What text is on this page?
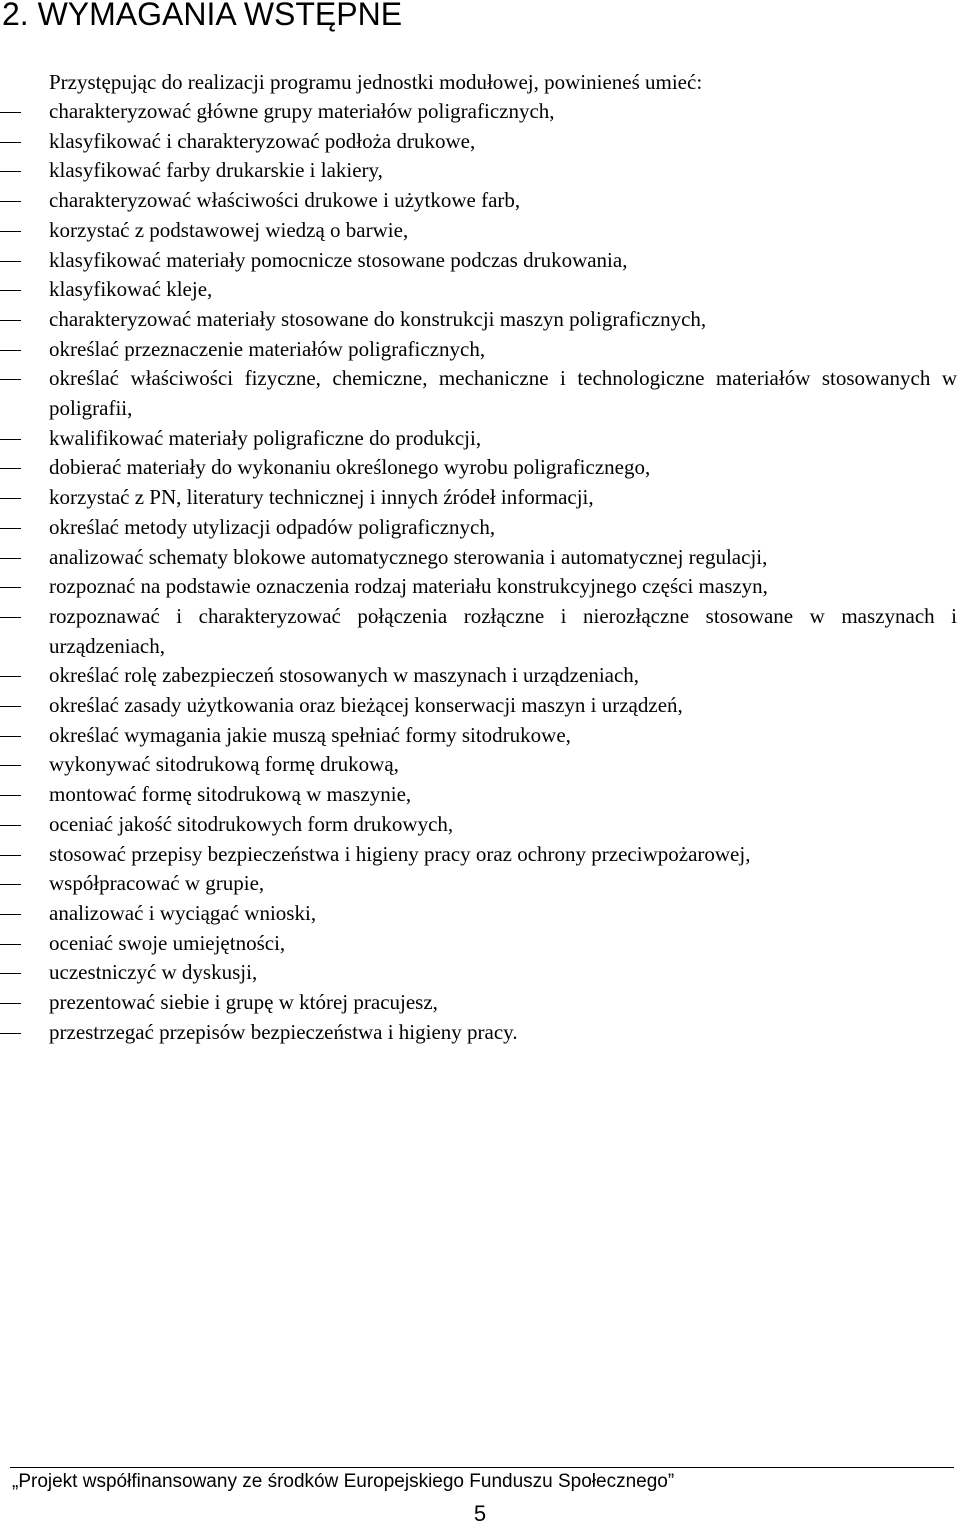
2. WYMAGANIA WSTĘPNE

Przystępując do realizacji programu jednostki modułowej, powinieneś umieć:

charakteryzować główne grupy materiałów poligraficznych,
klasyfikować i charakteryzować podłoża drukowe,
klasyfikować farby drukarskie i lakiery,
charakteryzować właściwości drukowe i użytkowe farb,
korzystać z podstawowej wiedzą o barwie,
klasyfikować materiały pomocnicze stosowane podczas drukowania,
klasyfikować kleje,
charakteryzować materiały stosowane do konstrukcji maszyn poligraficznych,
określać przeznaczenie materiałów poligraficznych,
określać właściwości fizyczne, chemiczne, mechaniczne i technologiczne materiałów stosowanych w poligrafii,
kwalifikować materiały poligraficzne do produkcji,
dobierać materiały do wykonaniu określonego wyrobu poligraficznego,
korzystać z PN, literatury technicznej i innych źródeł informacji,
określać metody utylizacji odpadów poligraficznych,
analizować schematy blokowe automatycznego sterowania i automatycznej regulacji,
rozpoznać na podstawie oznaczenia rodzaj materiału konstrukcyjnego części maszyn,
rozpoznawać i charakteryzować połączenia rozłączne i nierozłączne stosowane w maszynach i urządzeniach,
określać rolę zabezpieczeń stosowanych w maszynach i urządzeniach,
określać zasady użytkowania oraz bieżącej konserwacji maszyn i urządzeń,
określać wymagania jakie muszą spełniać formy sitodrukowe,
wykonywać sitodrukową formę drukową,
montować formę sitodrukową w maszynie,
oceniać jakość sitodrukowych form drukowych,
stosować przepisy bezpieczeństwa i higieny pracy oraz ochrony przeciwpożarowej,
współpracować w grupie,
analizować i wyciągać wnioski,
oceniać swoje umiejętności,
uczestniczyć w dyskusji,
prezentować siebie i grupę w której pracujesz,
przestrzegać przepisów bezpieczeństwa i higieny pracy.

„Projekt współfinansowany ze środków Europejskiego Funduszu Społecznego”

5
